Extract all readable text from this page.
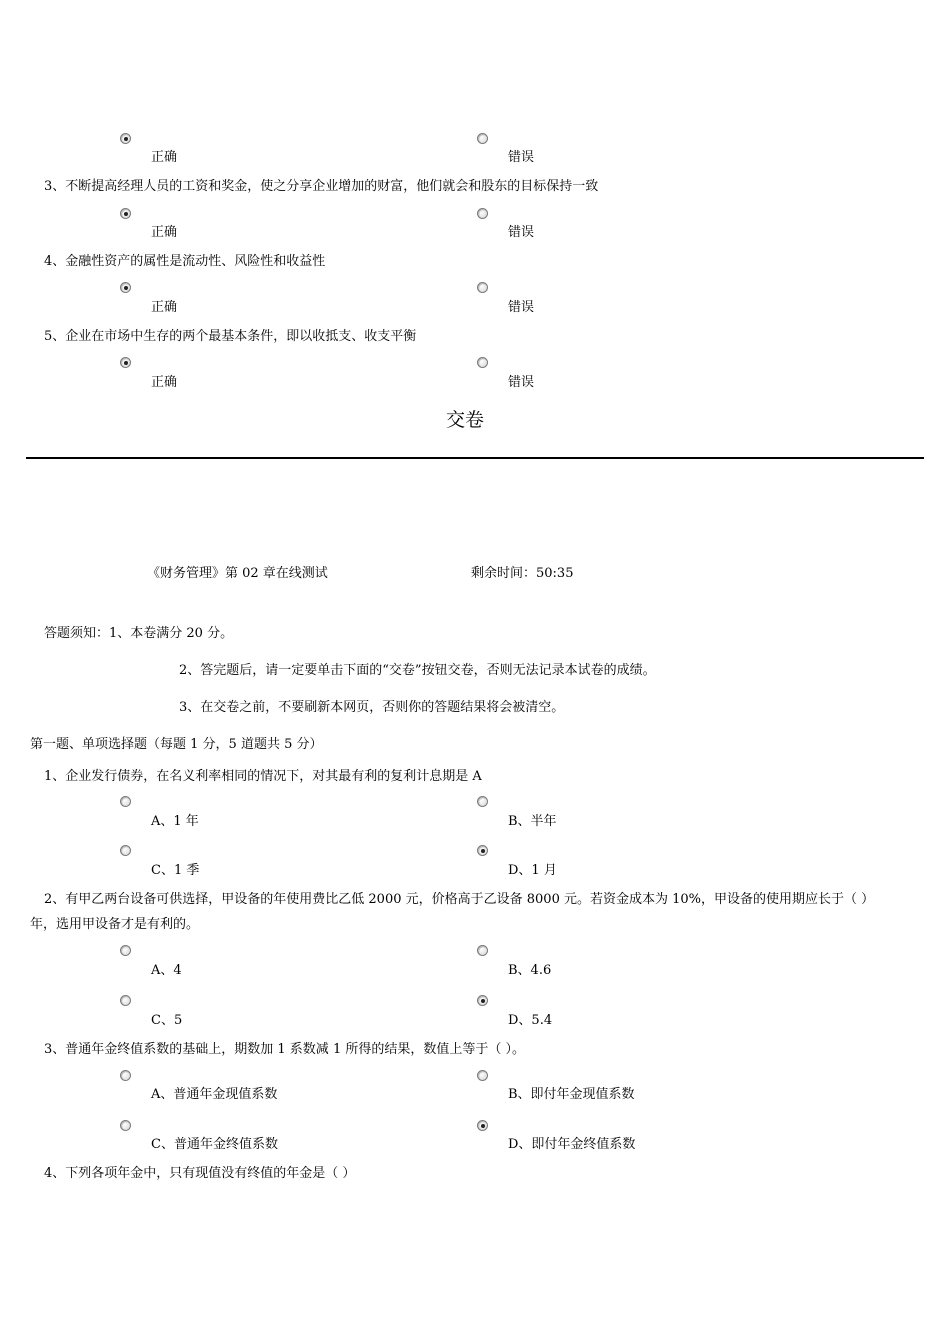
正确	错误
3、不断提高经理人员的工资和奖金，使之分享企业增加的财富，他们就会和股东的目标保持一致
正确	错误
4、金融性资产的属性是流动性、风险性和收益性
正确	错误
5、企业在市场中生存的两个最基本条件，即以收抵支、收支平衡
正确	错误
交卷
《财务管理》第 02 章在线测试	剩余时间：50:35
答题须知：1、本卷满分 20 分。
2、答完题后，请一定要单击下面的“交卷”按钮交卷，否则无法记录本试卷的成绩。
3、在交卷之前，不要刷新本网页，否则你的答题结果将会被清空。
第一题、单项选择题（每题 1 分，5 道题共 5 分）
1、企业发行债券，在名义利率相同的情况下，对其最有利的复利计息期是 A
A、1 年	B、半年
C、1 季	D、1 月
2、有甲乙两台设备可供选择，甲设备的年使用费比乙低 2000 元，价格高于乙设备 8000 元。若资金成本为 10%，甲设备的使用期应长于（ ）
年，选用甲设备才是有利的。
A、4	B、4.6
C、5	D、5.4
3、普通年金终值系数的基础上，期数加 1 系数减 1 所得的结果，数值上等于（ ）。
A、普通年金现值系数	B、即付年金现值系数
C、普通年金终值系数	D、即付年金终值系数
4、下列各项年金中，只有现值没有终值的年金是（ ）
